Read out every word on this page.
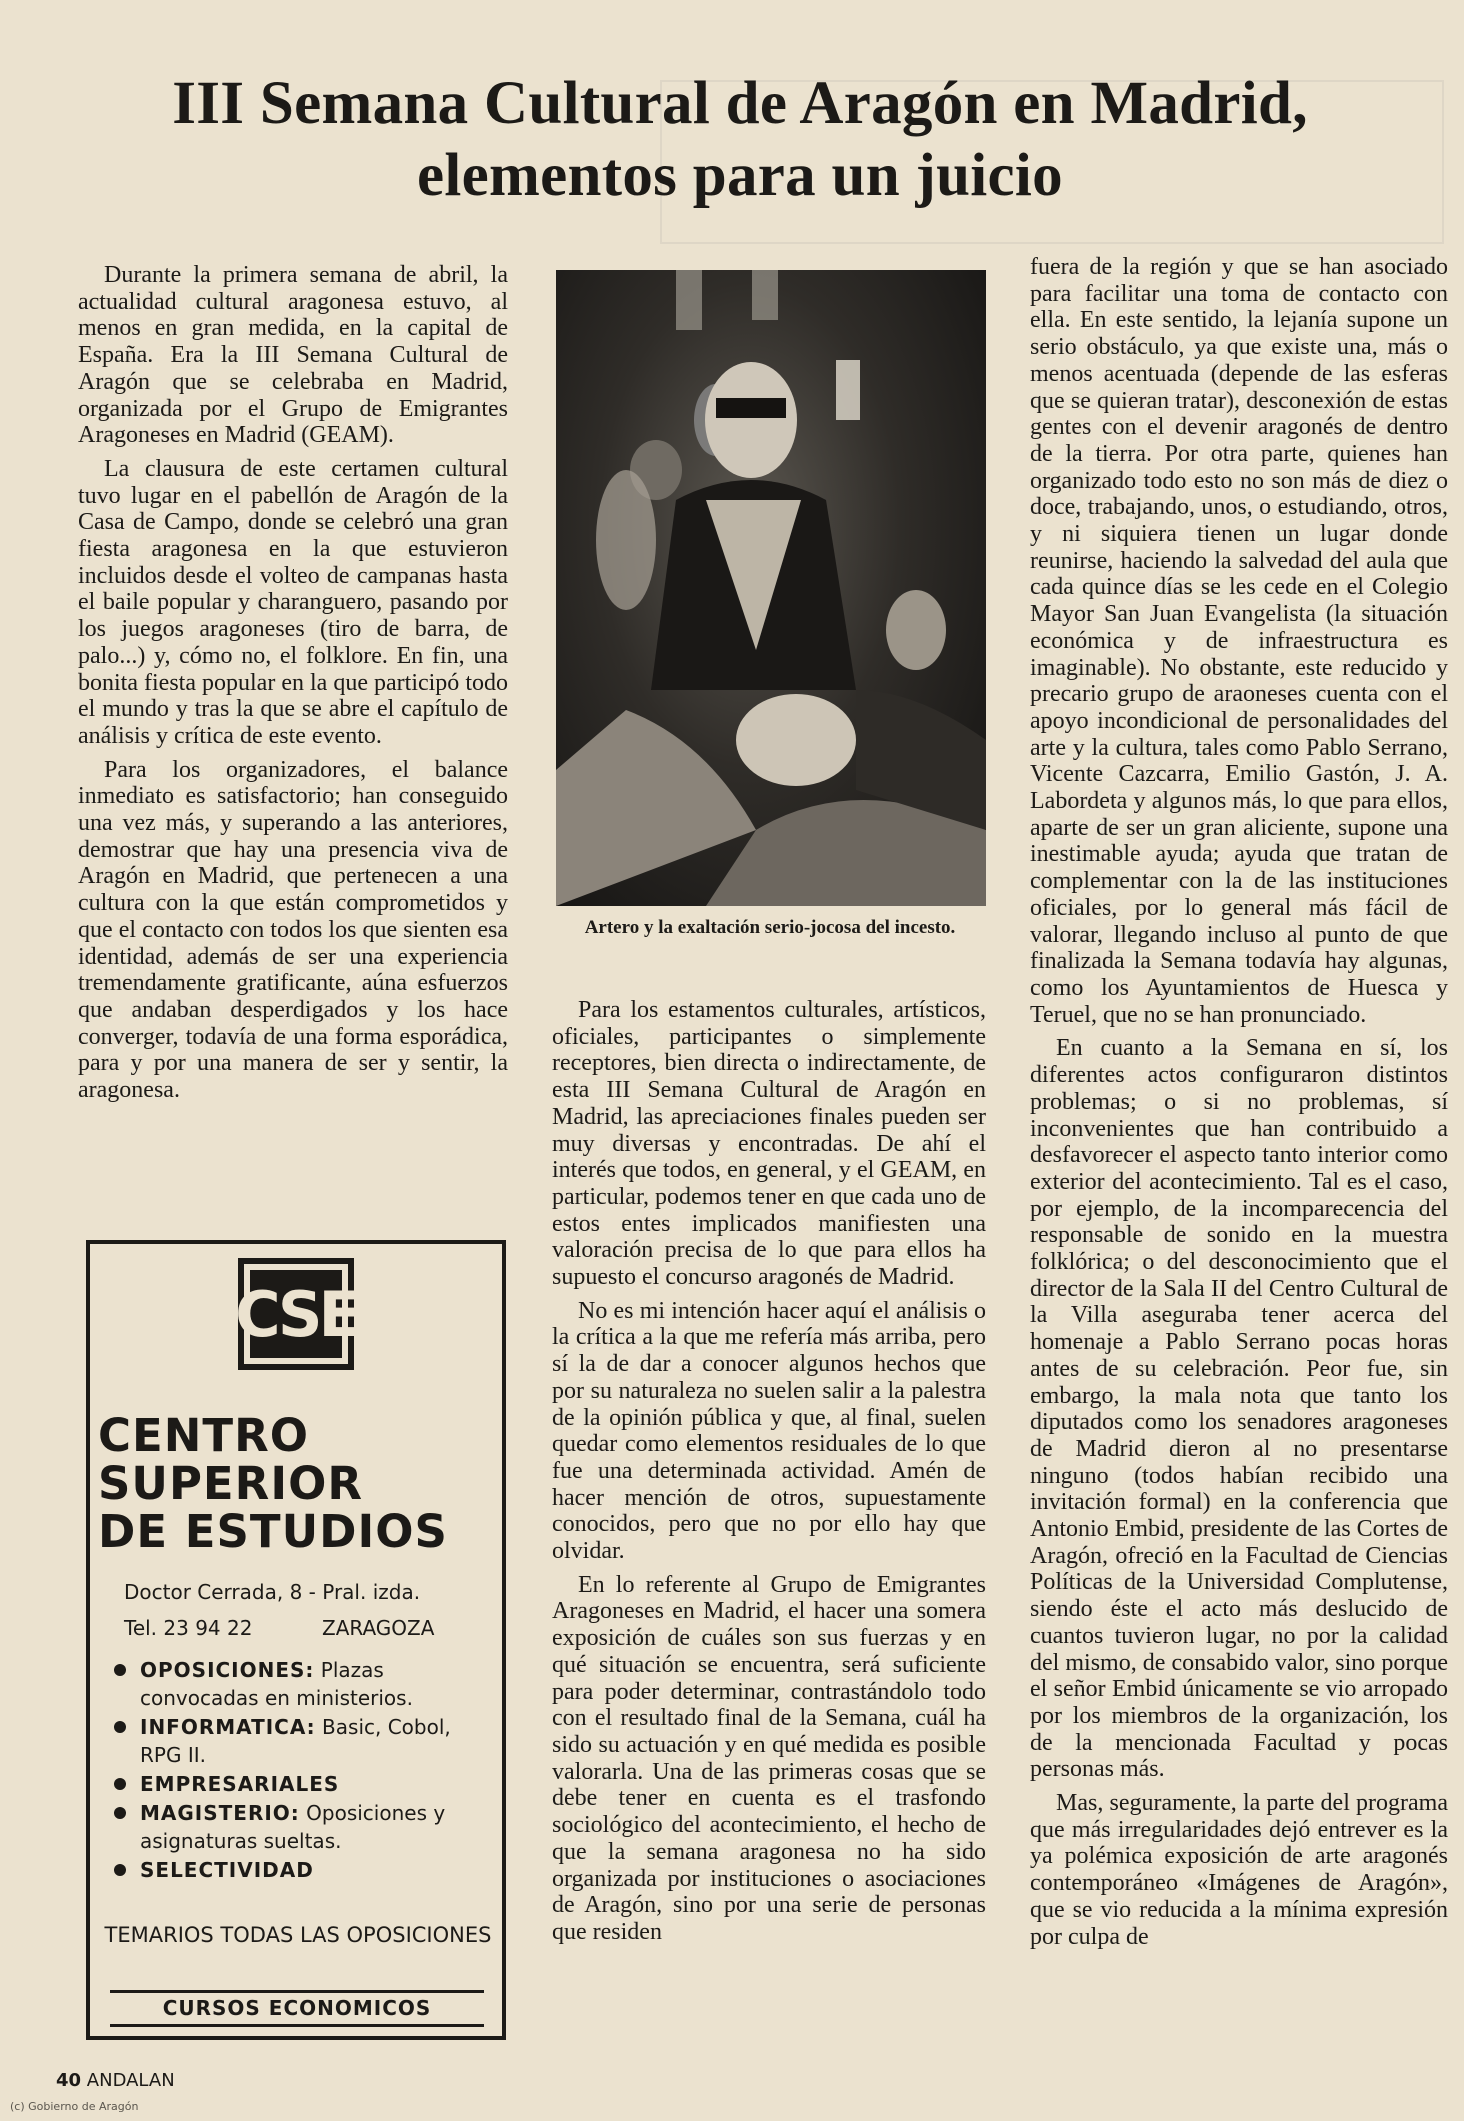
III Semana Cultural de Aragón en Madrid,
elementos para un juicio

Durante la primera semana de abril, la actualidad cultural aragonesa estuvo, al menos en gran medida, en la capital de España. Era la III Semana Cultural de Aragón que se celebraba en Madrid, organizada por el Grupo de Emigrantes Aragoneses en Madrid (GEAM).

La clausura de este certamen cultural tuvo lugar en el pabellón de Aragón de la Casa de Campo, donde se celebró una gran fiesta aragonesa en la que estuvieron incluidos desde el volteo de campanas hasta el baile popular y charanguero, pasando por los juegos aragoneses (tiro de barra, de palo...) y, cómo no, el folklore. En fin, una bonita fiesta popular en la que participó todo el mundo y tras la que se abre el capítulo de análisis y crítica de este evento.

Para los organizadores, el balance inmediato es satisfactorio; han conseguido una vez más, y superando a las anteriores, demostrar que hay una presencia viva de Aragón en Madrid, que pertenecen a una cultura con la que están comprometidos y que el contacto con todos los que sienten esa identidad, además de ser una experiencia tremendamente gratificante, aúna esfuerzos que andaban desperdigados y los hace converger, todavía de una forma esporádica, para y por una manera de ser y sentir, la aragonesa.

Artero y la exaltación serio-jocosa del incesto.

Para los estamentos culturales, artísticos, oficiales, participantes o simplemente receptores, bien directa o indirectamente, de esta III Semana Cultural de Aragón en Madrid, las apreciaciones finales pueden ser muy diversas y encontradas. De ahí el interés que todos, en general, y el GEAM, en particular, podemos tener en que cada uno de estos entes implicados manifiesten una valoración precisa de lo que para ellos ha supuesto el concurso aragonés de Madrid.

No es mi intención hacer aquí el análisis o la crítica a la que me refería más arriba, pero sí la de dar a conocer algunos hechos que por su naturaleza no suelen salir a la palestra de la opinión pública y que, al final, suelen quedar como elementos residuales de lo que fue una determinada actividad. Amén de hacer mención de otros, supuestamente conocidos, pero que no por ello hay que olvidar.

En lo referente al Grupo de Emigrantes Aragoneses en Madrid, el hacer una somera exposición de cuáles son sus fuerzas y en qué situación se encuentra, será suficiente para poder determinar, contrastándolo todo con el resultado final de la Semana, cuál ha sido su actuación y en qué medida es posible valorarla. Una de las primeras cosas que se debe tener en cuenta es el trasfondo sociológico del acontecimiento, el hecho de que la semana aragonesa no ha sido organizada por instituciones o asociaciones de Aragón, sino por una serie de personas que residen

fuera de la región y que se han asociado para facilitar una toma de contacto con ella. En este sentido, la lejanía supone un serio obstáculo, ya que existe una, más o menos acentuada (depende de las esferas que se quieran tratar), desconexión de estas gentes con el devenir aragonés de dentro de la tierra. Por otra parte, quienes han organizado todo esto no son más de diez o doce, trabajando, unos, o estudiando, otros, y ni siquiera tienen un lugar donde reunirse, haciendo la salvedad del aula que cada quince días se les cede en el Colegio Mayor San Juan Evangelista (la situación económica y de infraestructura es imaginable). No obstante, este reducido y precario grupo de araoneses cuenta con el apoyo incondicional de personalidades del arte y la cultura, tales como Pablo Serrano, Vicente Cazcarra, Emilio Gastón, J. A. Labordeta y algunos más, lo que para ellos, aparte de ser un gran aliciente, supone una inestimable ayuda; ayuda que tratan de complementar con la de las instituciones oficiales, por lo general más fácil de valorar, llegando incluso al punto de que finalizada la Semana todavía hay algunas, como los Ayuntamientos de Huesca y Teruel, que no se han pronunciado.

En cuanto a la Semana en sí, los diferentes actos configuraron distintos problemas; o si no problemas, sí inconvenientes que han contribuido a desfavorecer el aspecto tanto interior como exterior del acontecimiento. Tal es el caso, por ejemplo, de la incomparecencia del responsable de sonido en la muestra folklórica; o del desconocimiento que el director de la Sala II del Centro Cultural de la Villa aseguraba tener acerca del homenaje a Pablo Serrano pocas horas antes de su celebración. Peor fue, sin embargo, la mala nota que tanto los diputados como los senadores aragoneses de Madrid dieron al no presentarse ninguno (todos habían recibido una invitación formal) en la conferencia que Antonio Embid, presidente de las Cortes de Aragón, ofreció en la Facultad de Ciencias Políticas de la Universidad Complutense, siendo éste el acto más deslucido de cuantos tuvieron lugar, no por la calidad del mismo, de consabido valor, sino porque el señor Embid únicamente se vio arropado por los miembros de la organización, los de la mencionada Facultad y pocas personas más.

Mas, seguramente, la parte del programa que más irregularidades dejó entrever es la ya polémica exposición de arte aragonés contemporáneo «Imágenes de Aragón», que se vio reducida a la mínima expresión por culpa de

CSE
CENTRO
SUPERIOR
DE ESTUDIOS
Doctor Cerrada, 8 - Pral. izda.
Tel. 23 94 22	ZARAGOZA
OPOSICIONES: Plazas convocadas en ministerios.
INFORMATICA: Basic, Cobol, RPG II.
EMPRESARIALES
MAGISTERIO: Oposiciones y asignaturas sueltas.
SELECTIVIDAD
TEMARIOS TODAS LAS OPOSICIONES
CURSOS ECONOMICOS
40 ANDALAN
(c) Gobierno de Aragón
